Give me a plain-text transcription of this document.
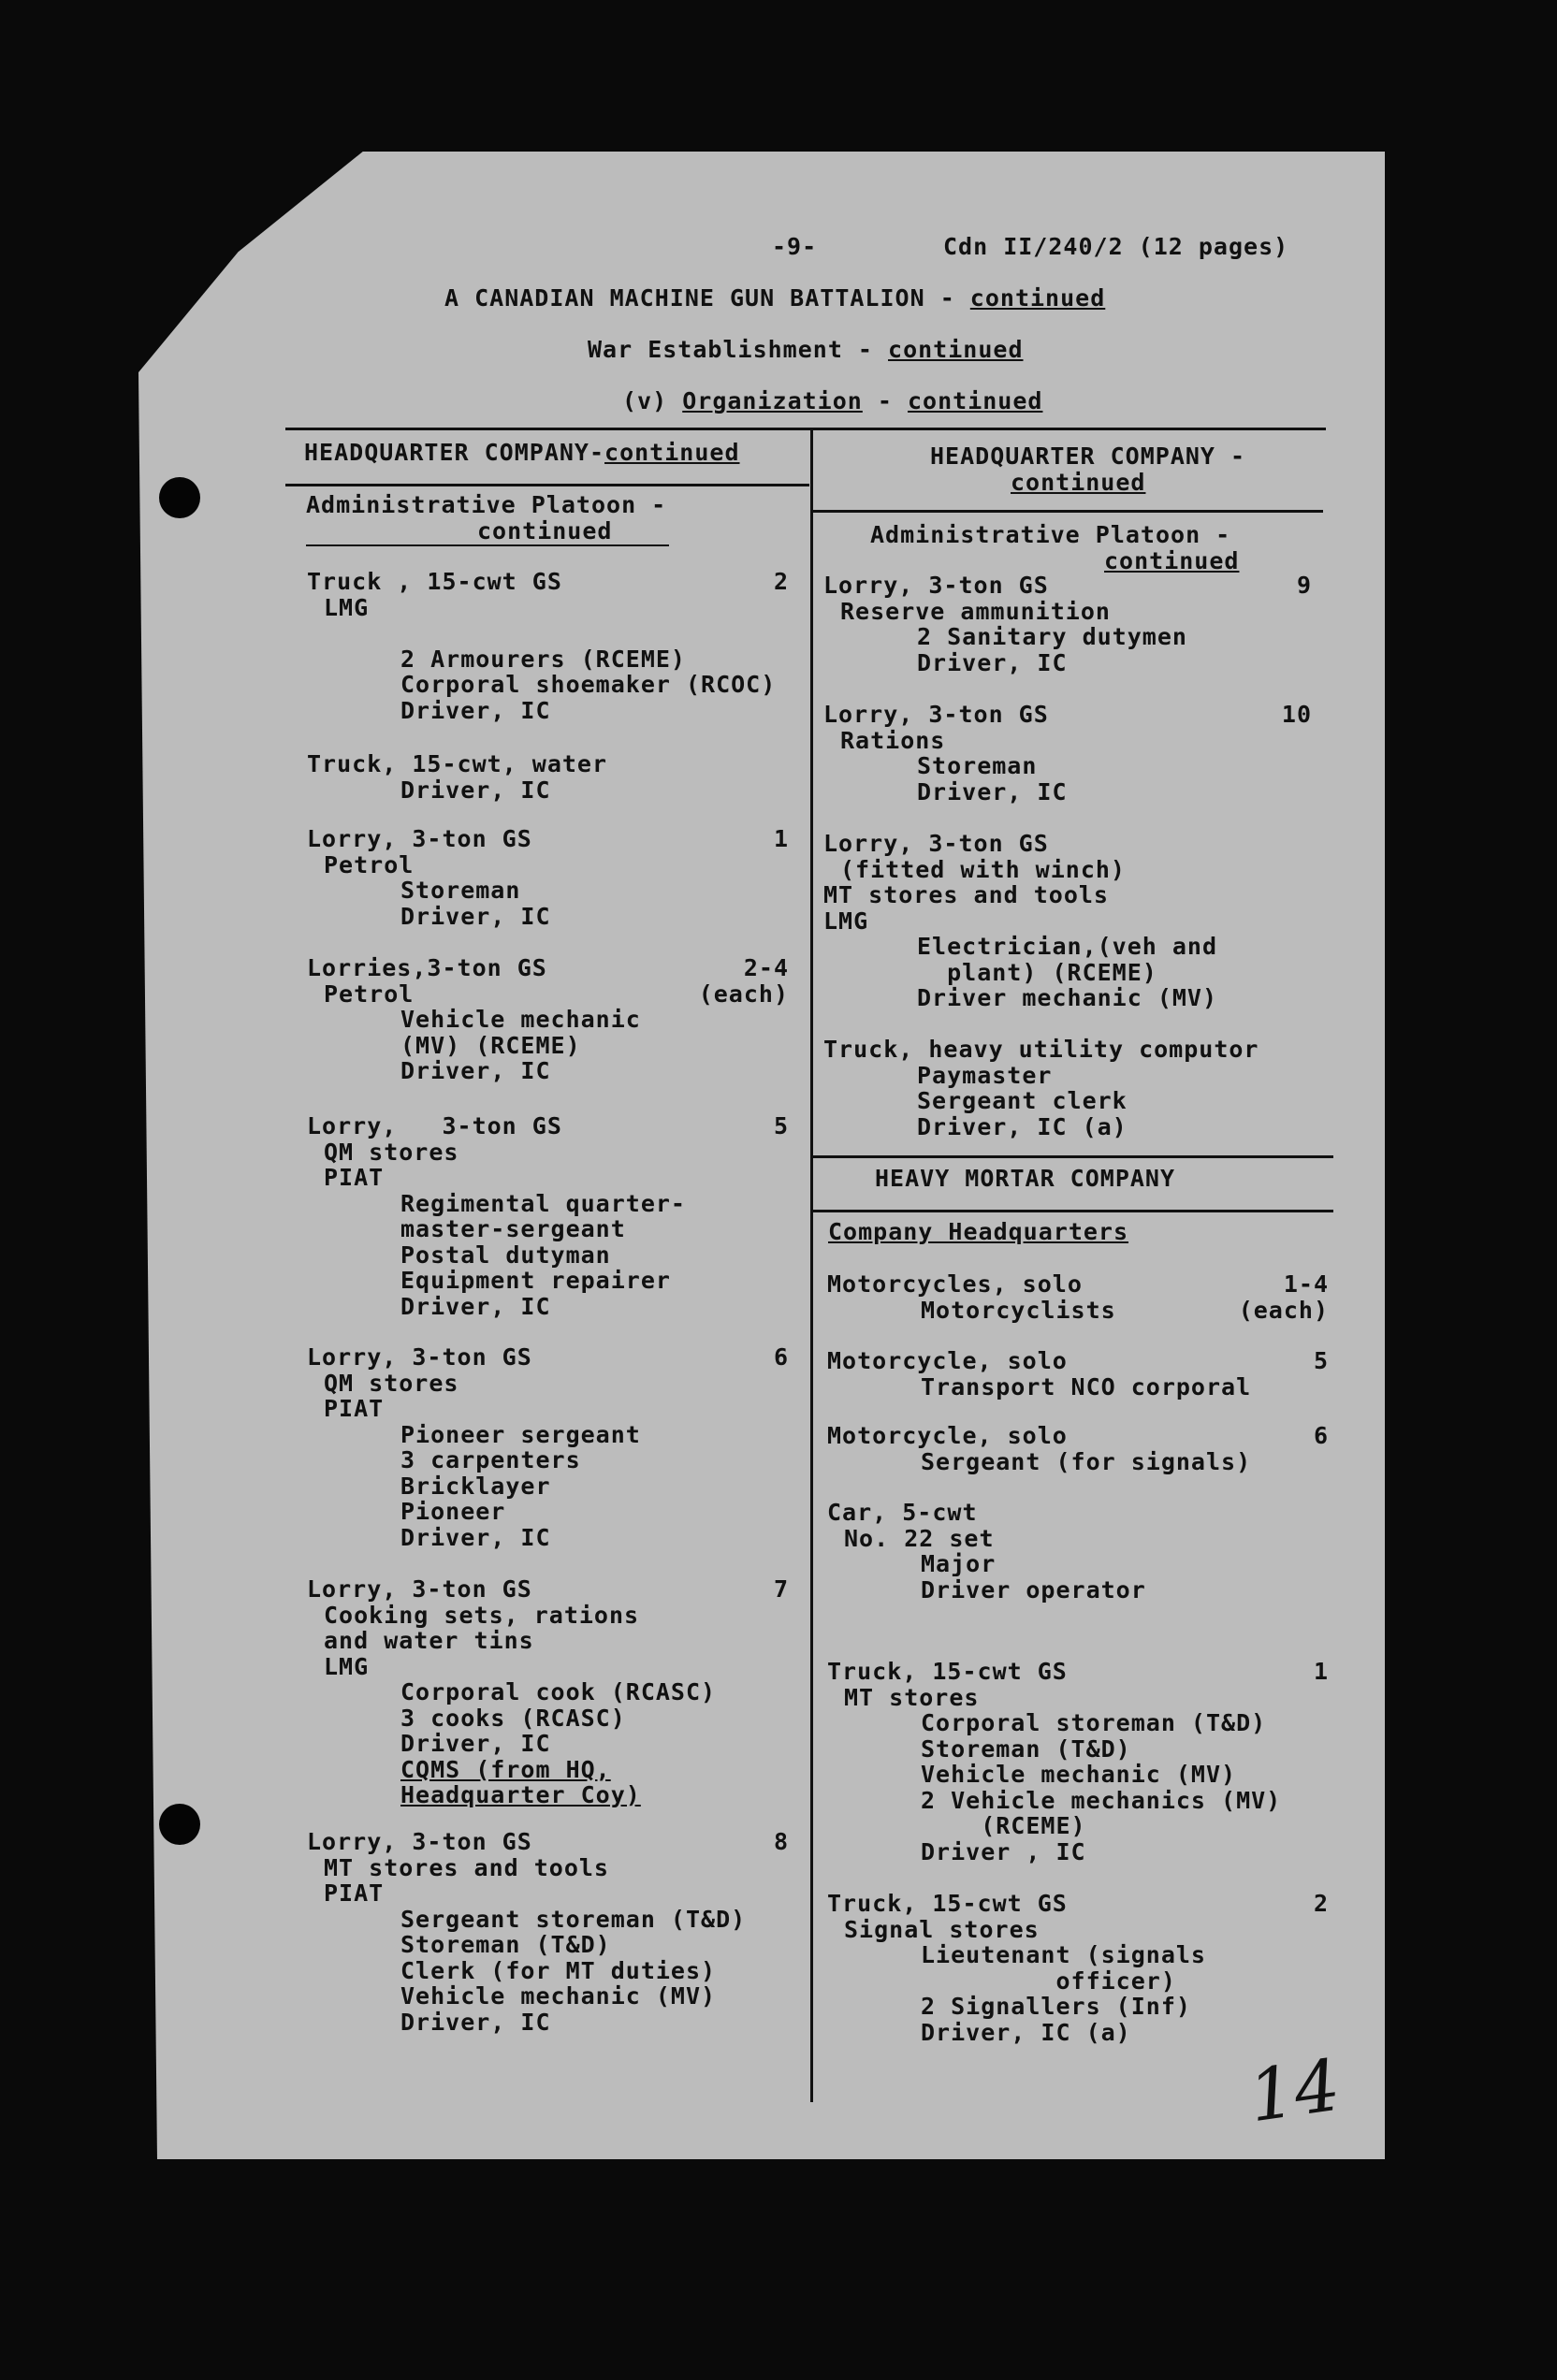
-9-	Cdn II/240/2 (12 pages)
A CANADIAN MACHINE GUN BATTALION - continued
War Establishment - continued
(v) Organization - continued
HEADQUARTER COMPANY-continued
Administrative Platoon -
continued
HEADQUARTER COMPANY -
continued
Administrative Platoon -
continued
HEAVY MORTAR COMPANY
Company Headquarters
Truck , 15-cwt GS
LMG

2 Armourers (RCEME)
Corporal shoemaker (RCOC)
Driver, IC
2
Truck, 15-cwt, water
Driver, IC
Lorry, 3-ton GS
Petrol
Storeman
Driver, IC
1
Lorries,3-ton GS
Petrol
Vehicle mechanic
(MV) (RCEME)
Driver, IC
2-4
(each)
Lorry,   3-ton GS
QM stores
PIAT
Regimental quarter-
master-sergeant
Postal dutyman
Equipment repairer
Driver, IC
5
Lorry, 3-ton GS
QM stores
PIAT
Pioneer sergeant
3 carpenters
Bricklayer
Pioneer
Driver, IC
6
Lorry, 3-ton GS
Cooking sets, rations
and water tins
LMG
Corporal cook (RCASC)
3 cooks (RCASC)
Driver, IC
CQMS (from HQ,
Headquarter Coy)
7
Lorry, 3-ton GS
MT stores and tools
PIAT
Sergeant storeman (T&D)
Storeman (T&D)
Clerk (for MT duties)
Vehicle mechanic (MV)
Driver, IC
8
Lorry, 3-ton GS
Reserve ammunition
2 Sanitary dutymen
Driver, IC
9
Lorry, 3-ton GS
Rations
Storeman
Driver, IC
10
Lorry, 3-ton GS
(fitted with winch)
MT stores and tools
LMG
Electrician,(veh and
plant) (RCEME)
Driver mechanic (MV)
Truck, heavy utility computor
Paymaster
Sergeant clerk
Driver, IC (a)
Motorcycles, solo
Motorcyclists
1-4
(each)
Motorcycle, solo
Transport NCO corporal
5
Motorcycle, solo
Sergeant (for signals)
6
Car, 5-cwt
No. 22 set
Major
Driver operator
Truck, 15-cwt GS
MT stores
Corporal storeman (T&D)
Storeman (T&D)
Vehicle mechanic (MV)
2 Vehicle mechanics (MV)
(RCEME)
Driver , IC
1
Truck, 15-cwt GS
Signal stores
Lieutenant (signals
officer)
2 Signallers (Inf)
Driver, IC (a)
2
14
